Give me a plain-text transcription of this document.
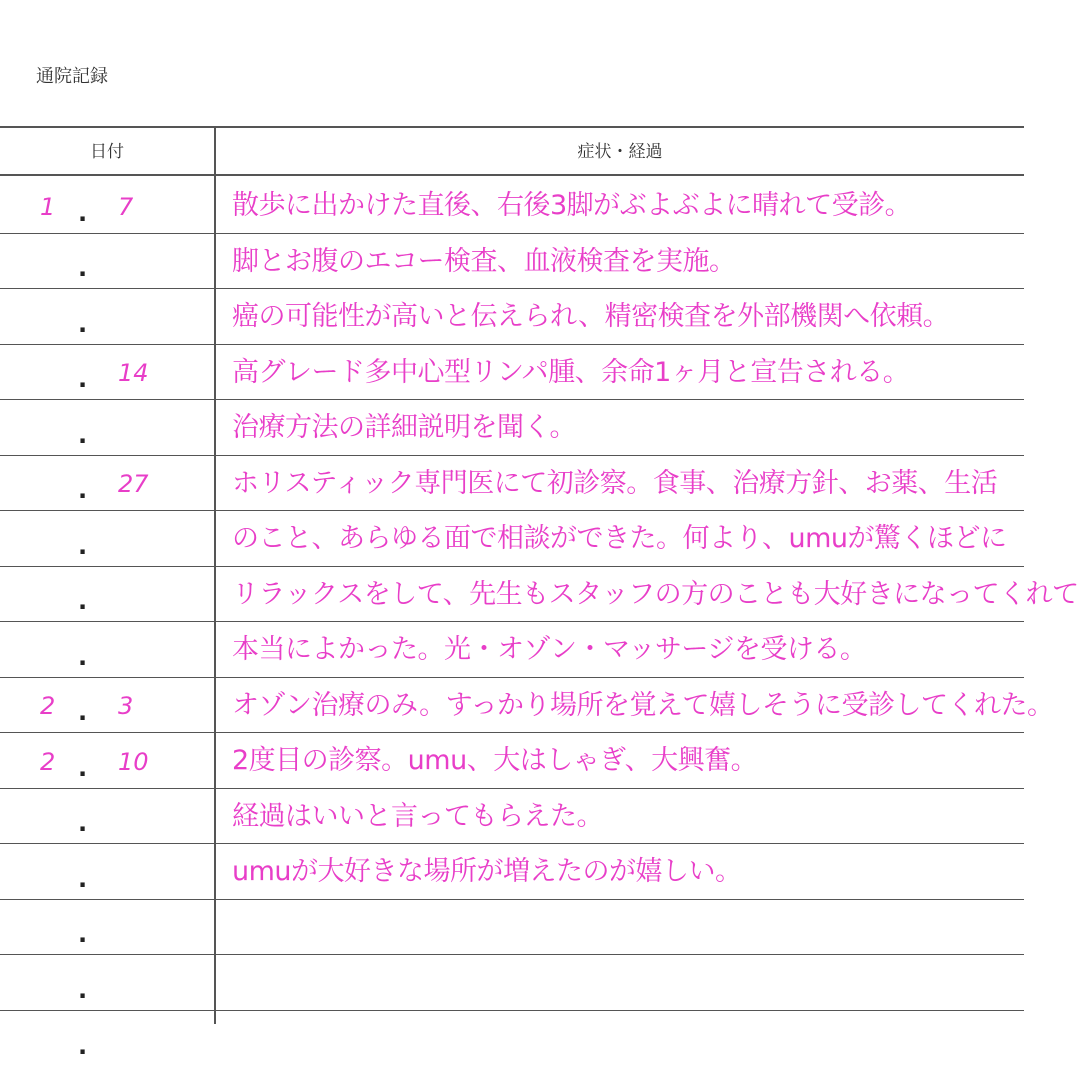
通院記録
日付	症状・経過
1 . 7	散歩に出かけた直後、右後3脚がぶよぶよに晴れて受診。
.	脚とお腹のエコー検査、血液検査を実施。
.	癌の可能性が高いと伝えられ、精密検査を外部機関へ依頼。
. 14	高グレード多中心型リンパ腫、余命1ヶ月と宣告される。
.	治療方法の詳細説明を聞く。
. 27	ホリスティック専門医にて初診察。食事、治療方針、お薬、生活
.	のこと、あらゆる面で相談ができた。何より、umuが驚くほどに
.	リラックスをして、先生もスタッフの方のことも大好きになってくれて
.	本当によかった。光・オゾン・マッサージを受ける。
2 . 3	オゾン治療のみ。すっかり場所を覚えて嬉しそうに受診してくれた。
2 . 10	2度目の診察。umu、大はしゃぎ、大興奮。
.	経過はいいと言ってもらえた。
.	umuが大好きな場所が増えたのが嬉しい。
.
.
.
